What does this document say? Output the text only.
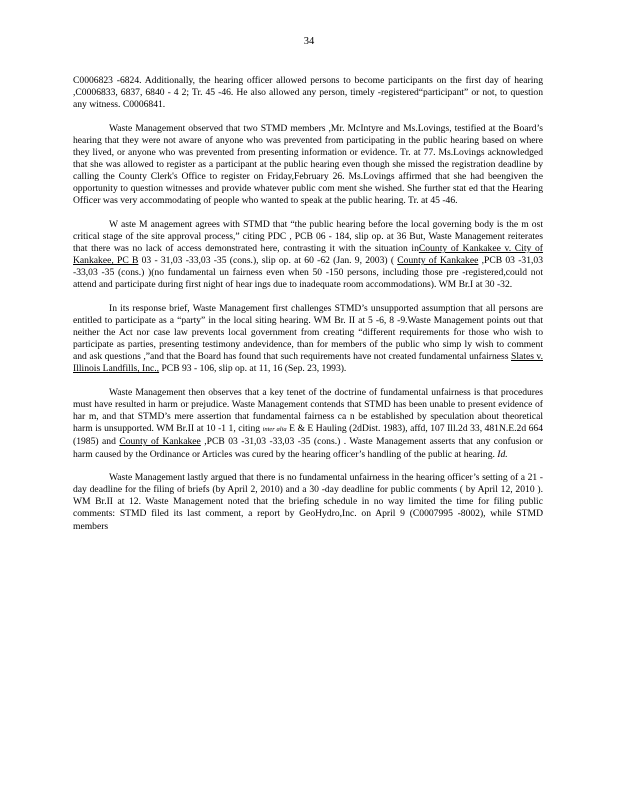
34

C0006823 -6824. Additionally, the hearing officer allowed persons to become participants on the first day of hearing ,C0006833, 6837, 6840 - 4 2; Tr. 45 -46. He also allowed any person, timely -registered“participant” or not, to question any witness. C0006841.

Waste Management observed that two STMD members ,Mr. McIntyre and Ms.Lovings, testified at the Board’s hearing that they were not aware of anyone who was prevented from participating in the public hearing based on where they lived, or anyone who was prevented from presenting information or evidence. Tr. at 77. Ms.Lovings acknowledged that she was allowed to register as a participant at the public hearing even though she missed the registration deadline by calling the County Clerk's Office to register on Friday,February 26. Ms.Lovings affirmed that she had beengiven the opportunity to question witnesses and provide whatever public com ment she wished. She further stat ed that the Hearing Officer was very accommodating of people who wanted to speak at the public hearing. Tr. at 45 -46.

W aste M anagement agrees with STMD that “the public hearing before the local governing body is the m ost critical stage of the site approval process,” citing PDC , PCB 06 - 184, slip op. at 36 But, Waste Management reiterates that there was no lack of access demonstrated here, contrasting it with the situation inCounty of Kankakee v. City of Kankakee, PC B 03 - 31,03 -33,03 -35 (cons.), slip op. at 60 -62 (Jan. 9, 2003) ( County of Kankakee ,PCB 03 -31,03 -33,03 -35 (cons.) )(no fundamental un fairness even when 50 -150 persons, including those pre -registered,could not attend and participate during first night of hear ings due to inadequate room accommodations). WM Br.I at 30 -32.

In its response brief, Waste Management first challenges STMD’s unsupported assumption that all persons are entitled to participate as a “party” in the local siting hearing. WM Br. II at 5 -6, 8 -9.Waste Management points out that neither the Act nor case law prevents local government from creating “different requirements for those who wish to participate as parties, presenting testimony andevidence, than for members of the public who simp ly wish to comment and ask questions ,”and that the Board has found that such requirements have not created fundamental unfairness Slates v. Illinois Landfills, Inc., PCB 93 - 106, slip op. at 11, 16 (Sep. 23, 1993).

Waste Management then observes that a key tenet of the doctrine of fundamental unfairness is that procedures must have resulted in harm or prejudice. Waste Management contends that STMD has been unable to present evidence of har m, and that STMD’s mere assertion that fundamental fairness ca n be established by speculation about theoretical harm is unsupported. WM Br.II at 10 -1 1, citing inter alia E & E Hauling (2dDist. 1983), affd, 107 Ill.2d 33, 481N.E.2d 664 (1985) and County of Kankakee ,PCB 03 -31,03 -33,03 -35 (cons.) . Waste Management asserts that any confusion or harm caused by the Ordinance or Articles was cured by the hearing officer’s handling of the public at hearing. Id.

Waste Management lastly argued that there is no fundamental unfairness in the hearing officer’s setting of a 21 - day deadline for the filing of briefs (by April 2, 2010) and a 30 -day deadline for public comments ( by April 12, 2010 ). WM Br.II at 12. Waste Management noted that the briefing schedule in no way limited the time for filing public comments: STMD filed its last comment, a report by GeoHydro,Inc. on April 9 (C0007995 -8002), while STMD members
